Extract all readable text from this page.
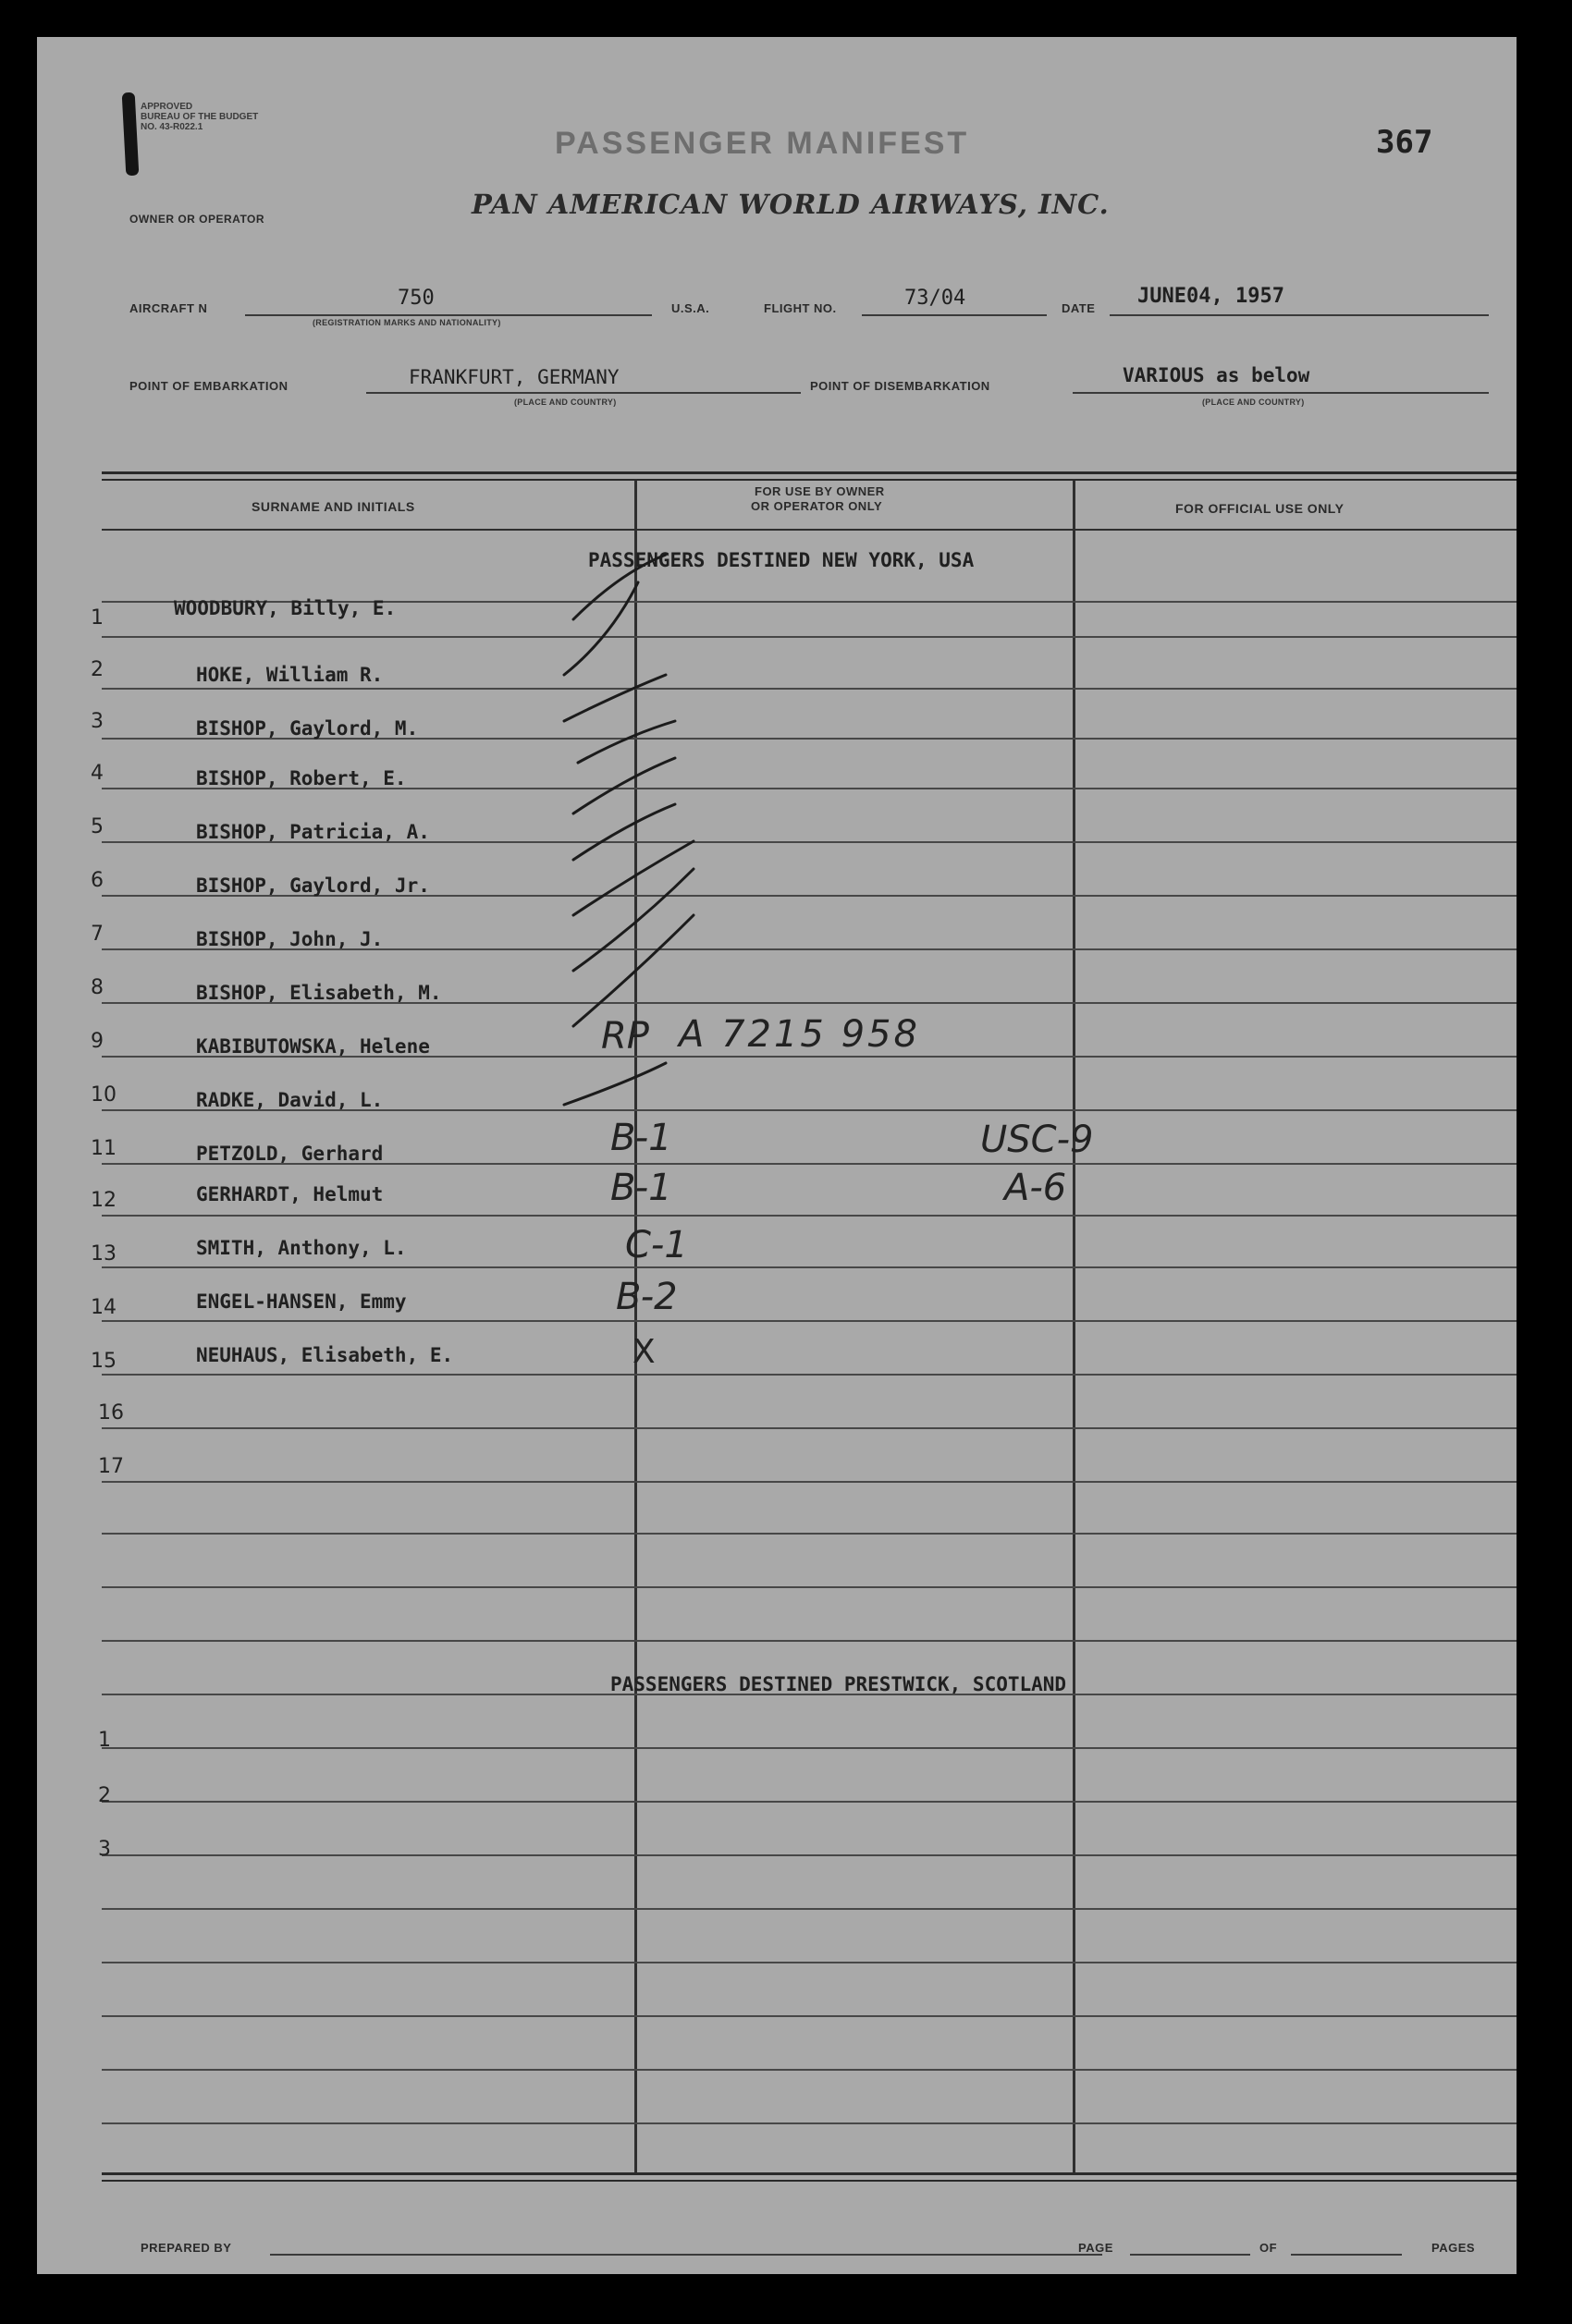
APPROVED
BUREAU OF THE BUDGET
NO. 43-R022.1
OWNER OR OPERATOR
PASSENGER MANIFEST	367
PAN AMERICAN WORLD AIRWAYS, INC.
AIRCRAFT N	750
(REGISTRATION MARKS AND NATIONALITY)
U.S.A.	FLIGHT NO.	73/04	DATE
JUNE04, 1957
POINT OF EMBARKATION	FRANKFURT, GERMANY
(PLACE AND COUNTRY)
POINT OF DISEMBARKATION	VARIOUS as below
(PLACE AND COUNTRY)
SURNAME AND INITIALS
FOR USE BY OWNER
OR OPERATOR ONLY	FOR OFFICIAL USE ONLY
PASSENGERS DESTINED NEW YORK, USA
1	WOODBURY, Billy, E.
2	HOKE, William R.
3	BISHOP, Gaylord, M.
4	BISHOP, Robert, E.
5	BISHOP, Patricia, A.
6	BISHOP, Gaylord, Jr.
7	BISHOP, John, J.
8	BISHOP, Elisabeth, M.
9	KABIBUTOWSKA, Helene	RP A 7215 958
10	RADKE, David, L.
11	PETZOLD, Gerhard	B-1	USC-9
12	GERHARDT, Helmut	B-1	A-6
13	SMITH, Anthony, L.	C-1
14	ENGEL-HANSEN, Emmy	B-2
15	NEUHAUS, Elisabeth, E.	X
16
17
PASSENGERS DESTINED PRESTWICK, SCOTLAND
1
2
3
PREPARED BY	PAGE	OF	PAGES
